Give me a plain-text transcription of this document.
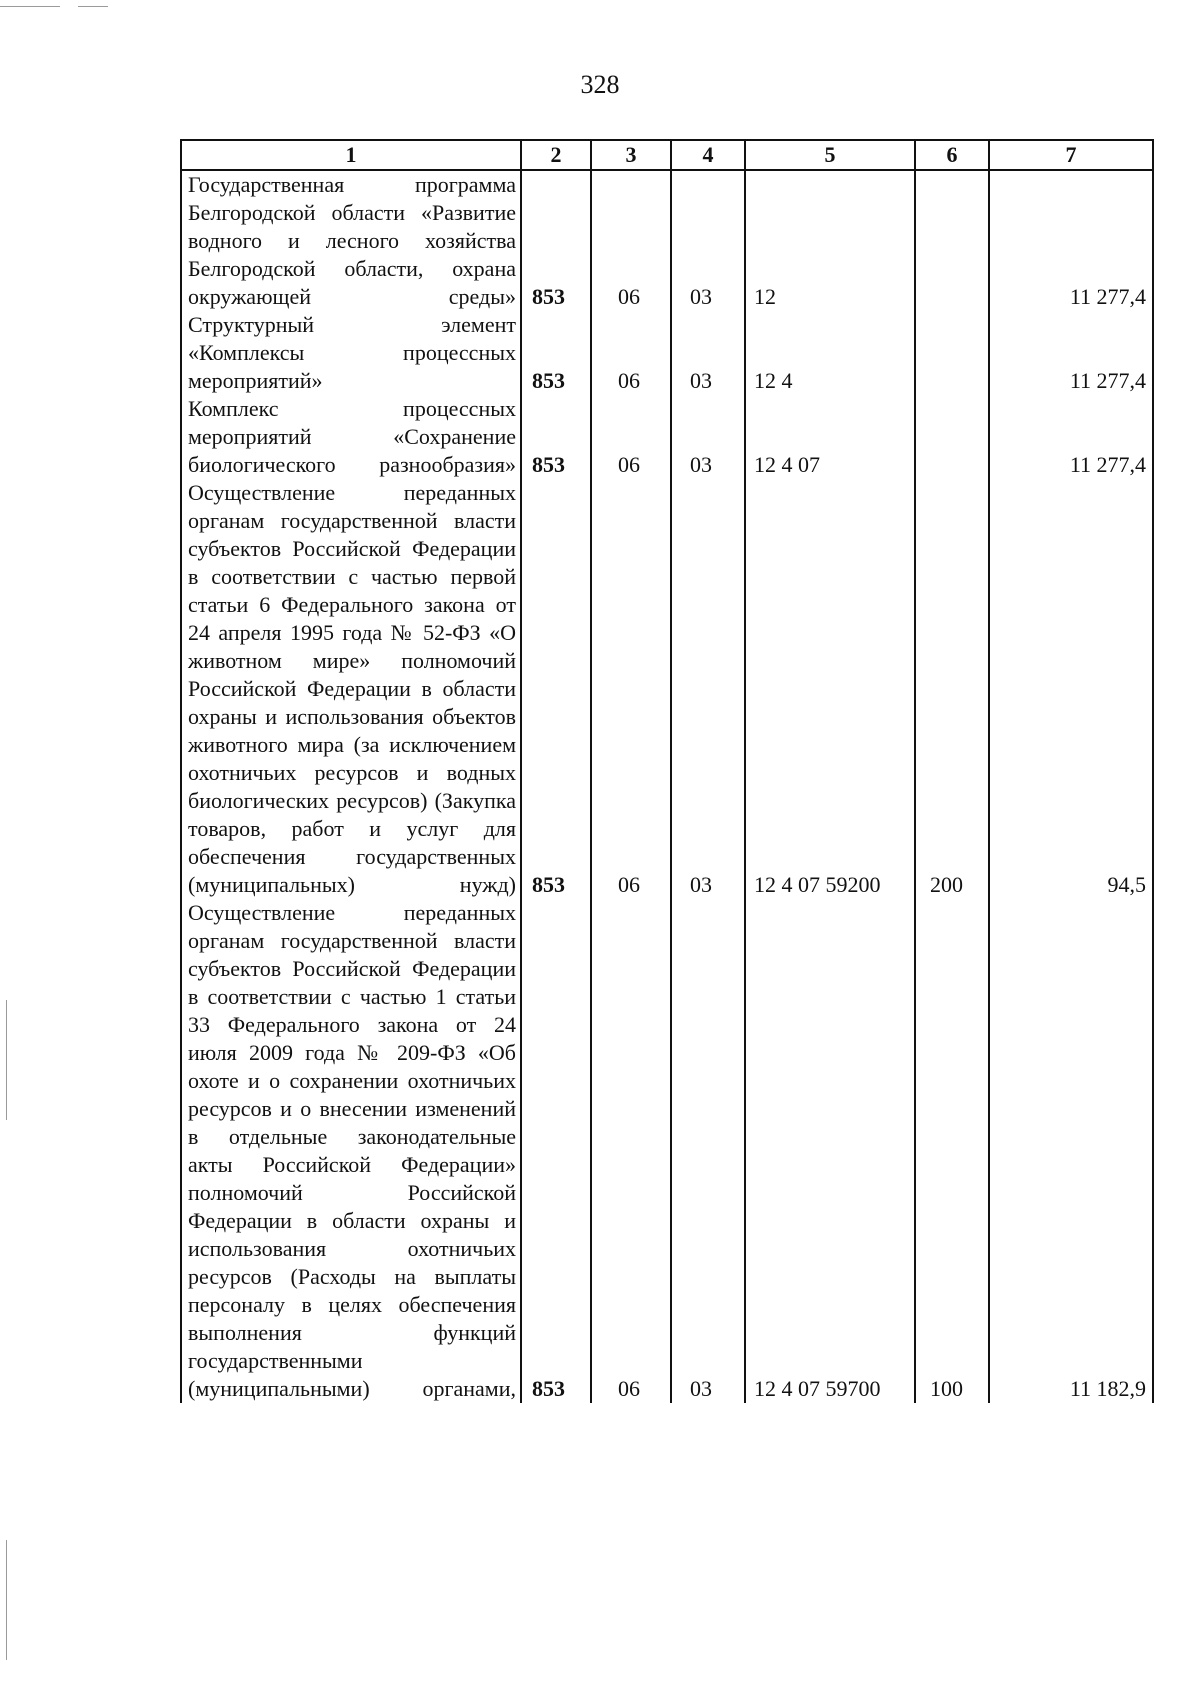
328
1	2	3	4	5	6	7
Государственная программа Белгородской области «Развитие водного и лесного хозяйства Белгородской области, охрана окружающей среды»	853	06	03	12		11 277,4
Структурный элемент «Комплексы процессных мероприятий»	853	06	03	12 4		11 277,4
Комплекс процессных мероприятий «Сохранение биологического разнообразия»	853	06	03	12 4 07		11 277,4
Осуществление переданных органам государственной власти субъектов Российской Федерации в соответствии с частью первой статьи 6 Федерального закона от 24 апреля 1995 года № 52-ФЗ «О животном мире» полномочий Российской Федерации в области охраны и использования объектов животного мира (за исключением охотничьих ресурсов и водных биологических ресурсов) (Закупка товаров, работ и услуг для обеспечения государственных (муниципальных) нужд)	853	06	03	12 4 07 59200	200	94,5
Осуществление переданных органам государственной власти субъектов Российской Федерации в соответствии с частью 1 статьи 33 Федерального закона от 24 июля 2009 года № 209-ФЗ «Об охоте и о сохранении охотничьих ресурсов и о внесении изменений в отдельные законодательные акты Российской Федерации» полномочий Российской Федерации в области охраны и использования охотничьих ресурсов (Расходы на выплаты персоналу в целях обеспечения выполнения функций государственными (муниципальными) органами,	853	06	03	12 4 07 59700	100	11 182,9
